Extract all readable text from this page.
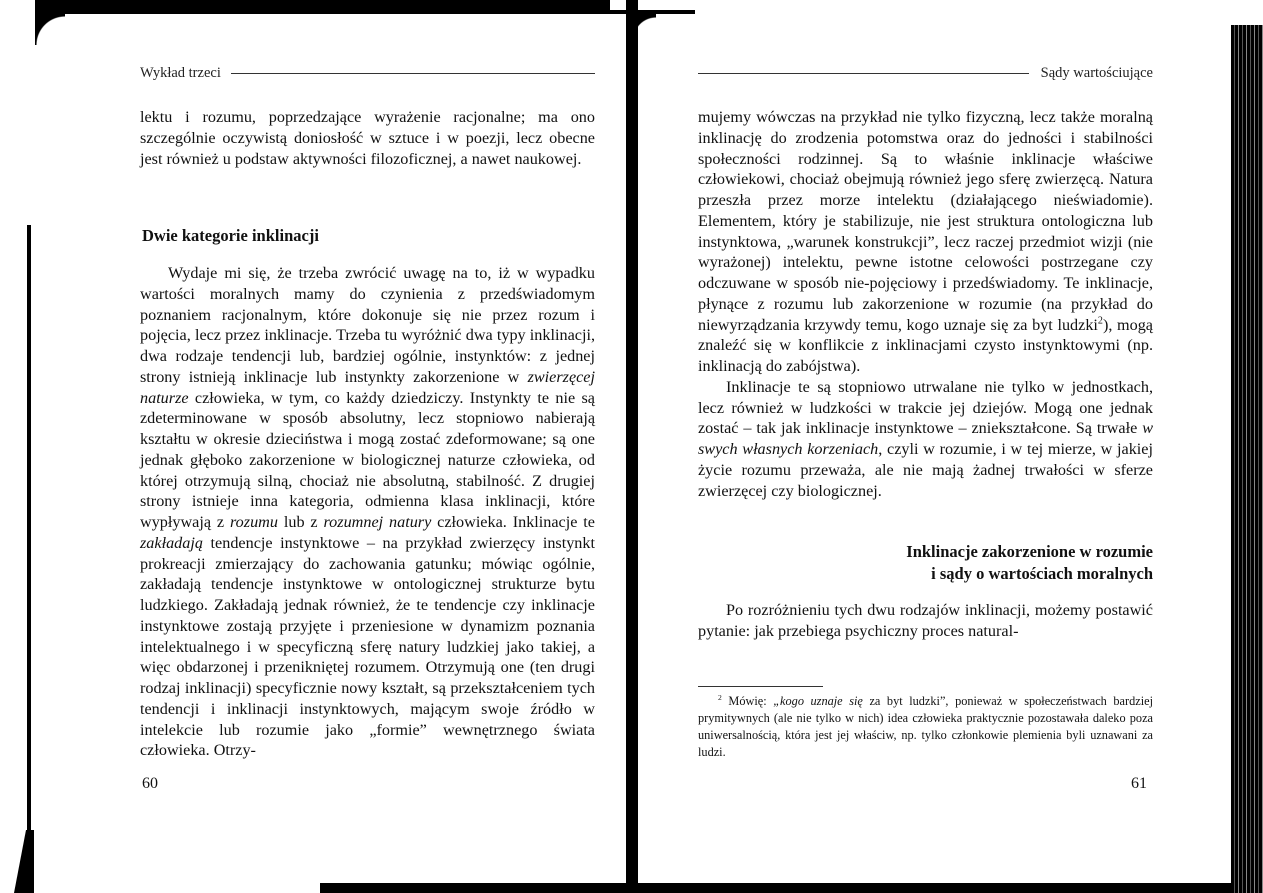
Wykład trzeci

lektu i rozumu, poprzedzające wyrażenie racjonalne; ma ono szczególnie oczywistą doniosłość w sztuce i w poezji, lecz obecne jest również u podstaw aktywności filozoficznej, a nawet naukowej.

Dwie kategorie inklinacji

Wydaje mi się, że trzeba zwrócić uwagę na to, iż w wypadku wartości moralnych mamy do czynienia z przedświadomym poznaniem racjonalnym, które dokonuje się nie przez rozum i pojęcia, lecz przez inklinacje. Trzeba tu wyróżnić dwa typy inklinacji, dwa rodzaje tendencji lub, bardziej ogólnie, instynktów: z jednej strony istnieją inklinacje lub instynkty zakorzenione w zwierzęcej naturze człowieka, w tym, co każdy dziedziczy. Instynkty te nie są zdeterminowane w sposób absolutny, lecz stopniowo nabierają kształtu w okresie dzieciństwa i mogą zostać zdeformowane; są one jednak głęboko zakorzenione w biologicznej naturze człowieka, od której otrzymują silną, chociaż nie absolutną, stabilność. Z drugiej strony istnieje inna kategoria, odmienna klasa inklinacji, które wypływają z rozumu lub z rozumnej natury człowieka. Inklinacje te zakładają tendencje instynktowe – na przykład zwierzęcy instynkt prokreacji zmierzający do zachowania gatunku; mówiąc ogólnie, zakładają tendencje instynktowe w ontologicznej strukturze bytu ludzkiego. Zakładają jednak również, że te tendencje czy inklinacje instynktowe zostają przyjęte i przeniesione w dynamizm poznania intelektualnego i w specyficzną sferę natury ludzkiej jako takiej, a więc obdarzonej i przenikniętej rozumem. Otrzymują one (ten drugi rodzaj inklinacji) specyficznie nowy kształt, są przekształceniem tych tendencji i inklinacji instynktowych, mającym swoje źródło w intelekcie lub rozumie jako „formie” wewnętrznego świata człowieka. Otrzy-

60
Sądy wartościujące

mujemy wówczas na przykład nie tylko fizyczną, lecz także moralną inklinację do zrodzenia potomstwa oraz do jedności i stabilności społeczności rodzinnej. Są to właśnie inklinacje właściwe człowiekowi, chociaż obejmują również jego sferę zwierzęcą. Natura przeszła przez morze intelektu (działającego nieświadomie). Elementem, który je stabilizuje, nie jest struktura ontologiczna lub instynktowa, „warunek konstrukcji”, lecz raczej przedmiot wizji (nie wyrażonej) intelektu, pewne istotne celowości postrzegane czy odczuwane w sposób nie-pojęciowy i przedświadomy. Te inklinacje, płynące z rozumu lub zakorzenione w rozumie (na przykład do niewyrządzania krzywdy temu, kogo uznaje się za byt ludzki$^2$), mogą znaleźć się w konflikcie z inklinacjami czysto instynktowymi (np. inklinacją do zabójstwa).

Inklinacje te są stopniowo utrwalane nie tylko w jednostkach, lecz również w ludzkości w trakcie jej dziejów. Mogą one jednak zostać – tak jak inklinacje instynktowe – zniekształcone. Są trwałe w swych własnych korzeniach, czyli w rozumie, i w tej mierze, w jakiej życie rozumu przeważa, ale nie mają żadnej trwałości w sferze zwierzęcej czy biologicznej.

Inklinacje zakorzenione w rozumie
i sądy o wartościach moralnych

Po rozróżnieniu tych dwu rodzajów inklinacji, możemy postawić pytanie: jak przebiega psychiczny proces natural-

$^2$ Mówię: „kogo uznaje się za byt ludzki”, ponieważ w społeczeństwach bardziej prymitywnych (ale nie tylko w nich) idea człowieka praktycznie pozostawała daleko poza uniwersalnością, która jest jej właściw, np. tylko członkowie plemienia byli uznawani za ludzi.

61
